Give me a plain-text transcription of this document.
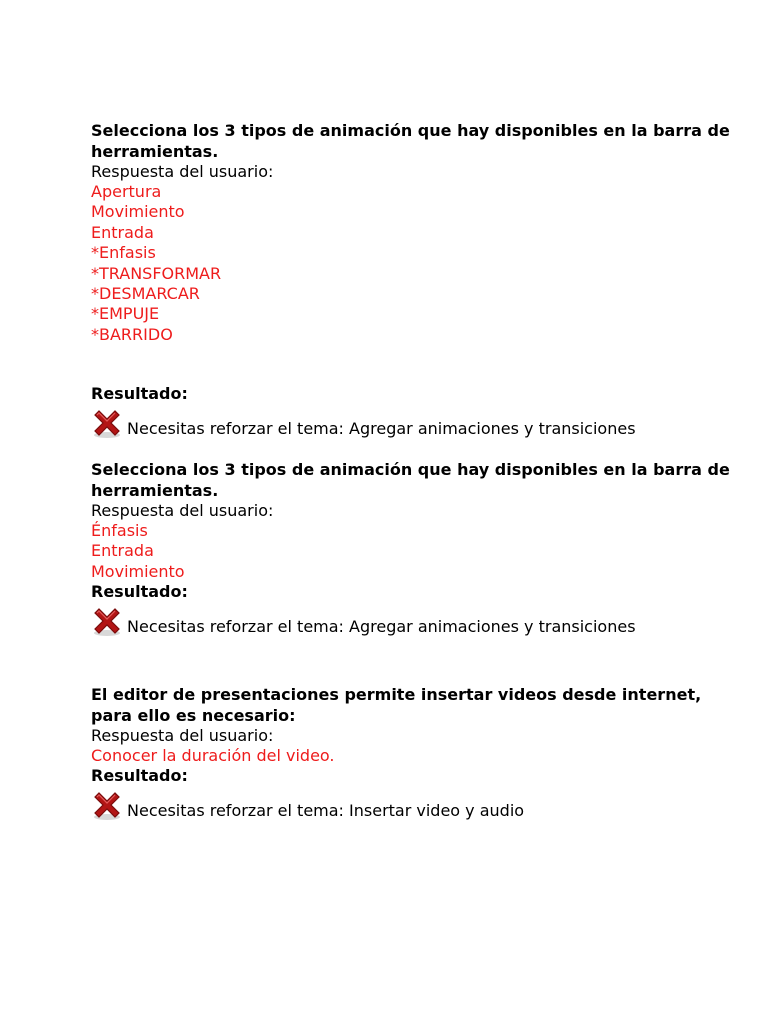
Selecciona los 3 tipos de animación que hay disponibles en la barra de herramientas.

Respuesta del usuario:

Apertura

Movimiento

Entrada

*Enfasis

*TRANSFORMAR

*DESMARCAR

*EMPUJE

*BARRIDO

Resultado:

Necesitas reforzar el tema: Agregar animaciones y transiciones

Selecciona los 3 tipos de animación que hay disponibles en la barra de herramientas.

Respuesta del usuario:

Énfasis

Entrada

Movimiento

Resultado:

Necesitas reforzar el tema: Agregar animaciones y transiciones

El editor de presentaciones permite insertar videos desde internet, para ello es necesario:

Respuesta del usuario:

Conocer la duración del video.

Resultado:

Necesitas reforzar el tema: Insertar video y audio
